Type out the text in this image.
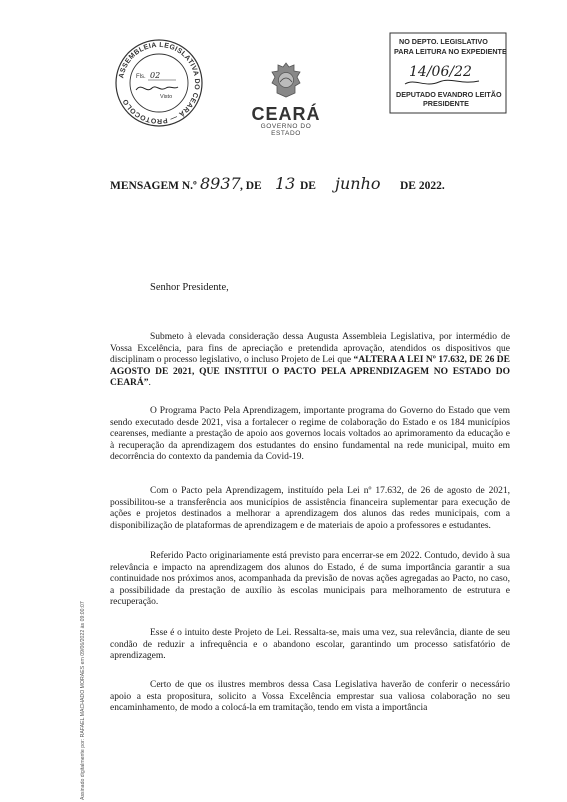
ASSEMBLEIA LEGISLATIVA DO CEARÁ — PROTOCOLO
Fls. 02
Visto
CEARÁ
GOVERNO DO ESTADO
NO DEPTO. LEGISLATIVO
PARA LEITURA NO EXPEDIENTE
DEPUTADO EVANDRO LEITÃO
PRESIDENTE
14/06/22
MENSAGEM N.º 8937 , DE 13 DE junho DE 2022.
Senhor Presidente,

Submeto à elevada consideração dessa Augusta Assembleia Legislativa, por intermédio de Vossa Excelência, para fins de apreciação e pretendida aprovação, atendidos os dispositivos que disciplinam o processo legislativo, o incluso Projeto de Lei que “ALTERA A LEI Nº 17.632, DE 26 DE AGOSTO DE 2021, QUE INSTITUI O PACTO PELA APRENDIZAGEM NO ESTADO DO CEARÁ”.

O Programa Pacto Pela Aprendizagem, importante programa do Governo do Estado que vem sendo executado desde 2021, visa a fortalecer o regime de colaboração do Estado e os 184 municípios cearenses, mediante a prestação de apoio aos governos locais voltados ao aprimoramento da educação e à recuperação da aprendizagem dos estudantes do ensino fundamental na rede municipal, muito em decorrência do contexto da pandemia da Covid-19.

Com o Pacto pela Aprendizagem, instituído pela Lei nº 17.632, de 26 de agosto de 2021, possibilitou-se a transferência aos municípios de assistência financeira suplementar para execução de ações e projetos destinados a melhorar a aprendizagem dos alunos das redes municipais, com a disponibilização de plataformas de aprendizagem e de materiais de apoio a professores e estudantes.

Referido Pacto originariamente está previsto para encerrar-se em 2022. Contudo, devido à sua relevância e impacto na aprendizagem dos alunos do Estado, é de suma importância garantir a sua continuidade nos próximos anos, acompanhada da previsão de novas ações agregadas ao Pacto, no caso, a possibilidade da prestação de auxílio às escolas municipais para melhoramento de estrutura e recuperação.

Esse é o intuito deste Projeto de Lei. Ressalta-se, mais uma vez, sua relevância, diante de seu condão de reduzir a infrequência e o abandono escolar, garantindo um processo satisfatório de aprendizagem.

Certo de que os ilustres membros dessa Casa Legislativa haverão de conferir o necessário apoio a esta propositura, solicito a Vossa Excelência emprestar sua valiosa colaboração no seu encaminhamento, de modo a colocá-la em tramitação, tendo em vista a importância

Assinado digitalmente por: RAFAEL MACHADO MORAES em 09/06/2022 às 09:00:07
